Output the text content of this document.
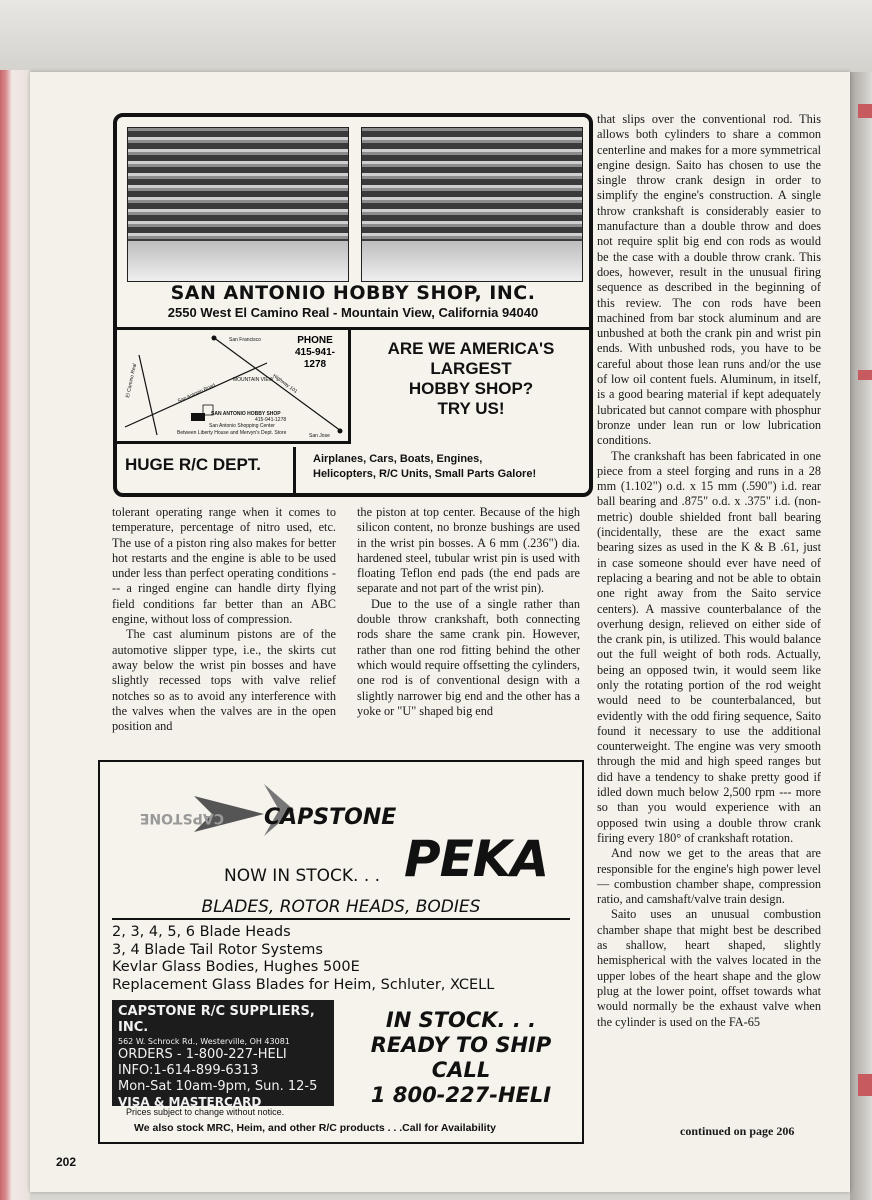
SAN ANTONIO HOBBY SHOP, INC.
2550 West El Camino Real - Mountain View, California 94040
San Francisco
San Jose
El Camino Real	San Antonio Road	Highway 101
MOUNTAIN VIEW
SAN ANTONIO HOBBY SHOP
415-941-1278
San Antonio Shopping Center
Between Liberty House and Mervyn's Dept. Store
PHONE
415-941-1278
ARE WE AMERICA'S
LARGEST
HOBBY SHOP?
TRY US!
HUGE R/C DEPT.	Airplanes, Cars, Boats, Engines,
Helicopters, R/C Units, Small Parts Galore!

tolerant operating range when it comes to temperature, percentage of nitro used, etc. The use of a piston ring also makes for better hot restarts and the engine is able to be used under less than perfect operating conditions --- a ringed engine can handle dirty flying field conditions far better than an ABC engine, without loss of compression.

The cast aluminum pistons are of the automotive slipper type, i.e., the skirts cut away below the wrist pin bosses and have slightly recessed tops with valve relief notches so as to avoid any interference with the valves when the valves are in the open position and

the piston at top center. Because of the high silicon content, no bronze bushings are used in the wrist pin bosses. A 6 mm (.236") dia. hardened steel, tubular wrist pin is used with floating Teflon end pads (the end pads are separate and not part of the wrist pin).

Due to the use of a single rather than double throw crankshaft, both connecting rods share the same crank pin. However, rather than one rod fitting behind the other which would require offsetting the cylinders, one rod is of conventional design with a slightly narrower big end and the other has a yoke or "U" shaped big end

that slips over the conventional rod. This allows both cylinders to share a common centerline and makes for a more symmetrical engine design. Saito has chosen to use the single throw crank design in order to simplify the engine's construction. A single throw crankshaft is considerably easier to manufacture than a double throw and does not require split big end con rods as would be the case with a double throw crank. This does, however, result in the unusual firing sequence as described in the beginning of this review. The con rods have been machined from bar stock aluminum and are unbushed at both the crank pin and wrist pin ends. With unbushed rods, you have to be careful about those lean runs and/or the use of low oil content fuels. Aluminum, in itself, is a good bearing material if kept adequately lubricated but cannot compare with phosphur bronze under lean run or low lubrication conditions.

The crankshaft has been fabricated in one piece from a steel forging and runs in a 28 mm (1.102") o.d. x 15 mm (.590") i.d. rear ball bearing and .875" o.d. x .375" i.d. (non-metric) double shielded front ball bearing (incidentally, these are the exact same bearing sizes as used in the K & B .61, just in case someone should ever have need of replacing a bearing and not be able to obtain one right away from the Saito service centers). A massive counterbalance of the overhung design, relieved on either side of the crank pin, is utilized. This would balance out the full weight of both rods. Actually, being an opposed twin, it would seem like only the rotating portion of the rod weight would need to be counterbalanced, but evidently with the odd firing sequence, Saito found it necessary to use the additional counterweight. The engine was very smooth through the mid and high speed ranges but did have a tendency to shake pretty good if idled down much below 2,500 rpm --- more so than you would experience with an opposed twin using a double throw crank firing every 180° of crankshaft rotation.

And now we get to the areas that are responsible for the engine's high power level — combustion chamber shape, compression ratio, and camshaft/valve train design.

Saito uses an unusual combustion chamber shape that might best be described as shallow, heart shaped, slightly hemispherical with the valves located in the upper lobes of the heart shape and the glow plug at the lower point, offset towards what would normally be the exhaust valve when the cylinder is used on the FA-65

continued on page 206
CAPSTONE
CAPSTONE
NOW IN STOCK. . . PEKA
BLADES, ROTOR HEADS, BODIES
2, 3, 4, 5, 6 Blade Heads
3, 4 Blade Tail Rotor Systems
Kevlar Glass Bodies, Hughes 500E
Replacement Glass Blades for Heim, Schluter, XCELL
CAPSTONE R/C SUPPLIERS, INC.
562 W. Schrock Rd., Westerville, OH 43081
ORDERS - 1-800-227-HELI
INFO:1-614-899-6313
Mon-Sat 10am-9pm, Sun. 12-5
VISA & MASTERCARD
IN STOCK. . .
READY TO SHIP
CALL
1 800-227-HELI
Prices subject to change without notice.
We also stock MRC, Heim, and other R/C products . . .Call for Availability
202
